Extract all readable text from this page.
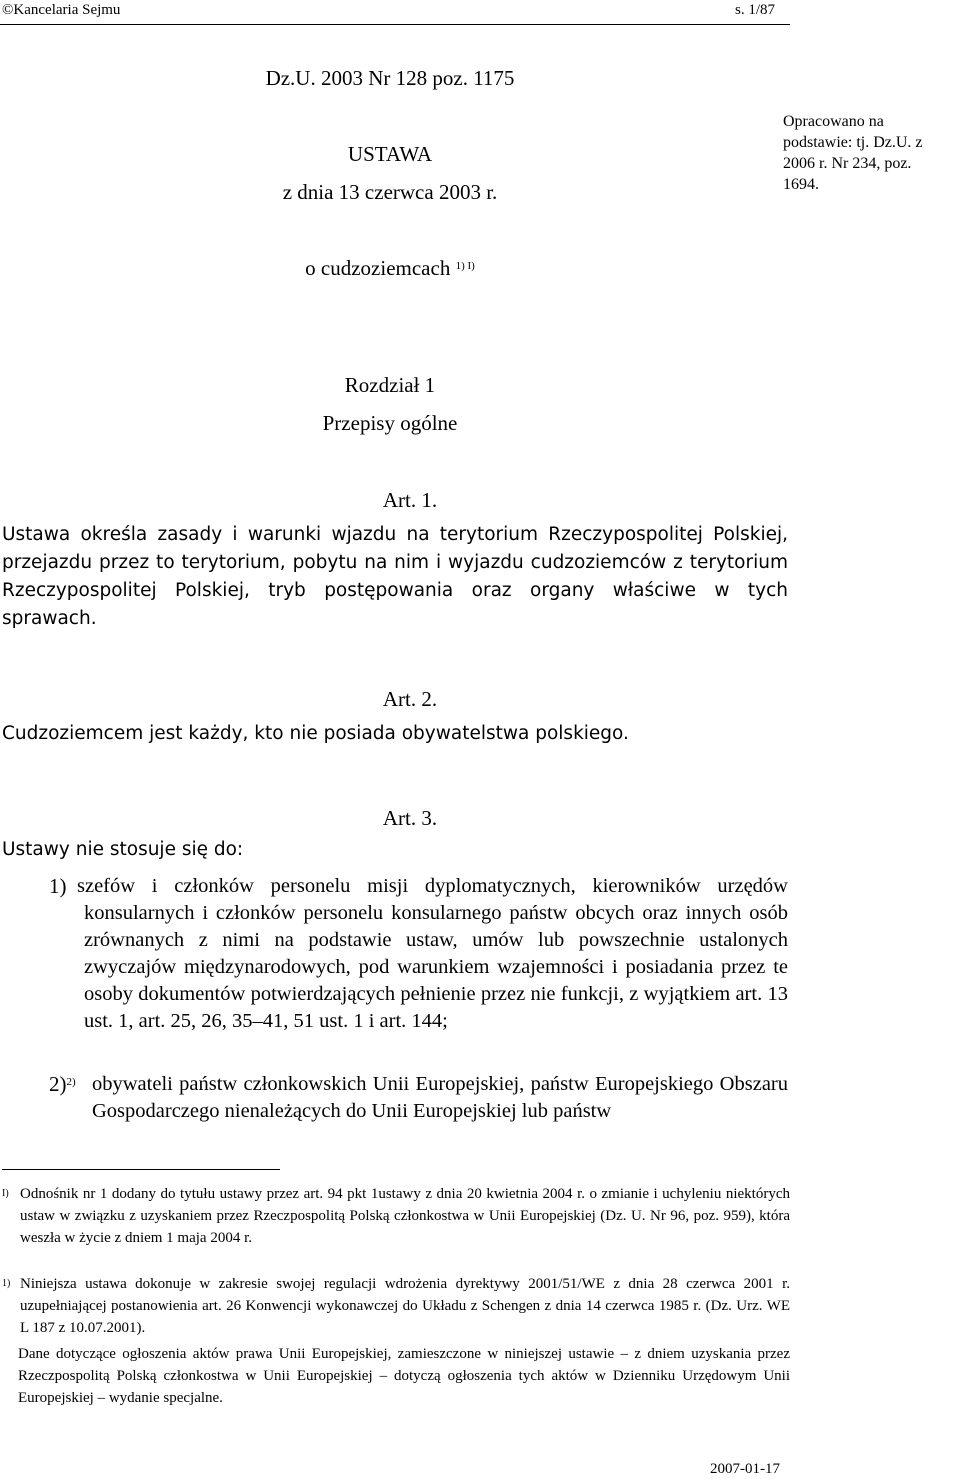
©Kancelaria Sejmu	s. 1/87
Dz.U. 2003 Nr 128 poz. 1175
USTAWA
z dnia 13 czerwca 2003 r.
Opracowano na
podstawie: tj. Dz.U. z
2006 r. Nr 234, poz.
1694.
o cudzoziemcach $^{1) I)}$
Rozdział 1
Przepisy ogólne
Art. 1.
Ustawa określa zasady i warunki wjazdu na terytorium Rzeczypospolitej Polskiej, przejazdu przez to terytorium, pobytu na nim i wyjazdu cudzoziemców z terytorium Rzeczypospolitej Polskiej, tryb postępowania oraz organy właściwe w tych sprawach.
Art. 2.
Cudzoziemcem jest każdy, kto nie posiada obywatelstwa polskiego.
Art. 3.
Ustawy nie stosuje się do:
1) szefów i członków personelu misji dyplomatycznych, kierowników urzędów konsularnych i członków personelu konsularnego państw obcych oraz innych osób zrównanych z nimi na podstawie ustaw, umów lub powszechnie ustalonych zwyczajów międzynarodowych, pod warunkiem wzajemności i posiadania przez te osoby dokumentów potwierdzających pełnienie przez nie funkcji, z wyjątkiem art. 13 ust. 1, art. 25, 26, 35–41, 51 ust. 1 i art. 144;
2)$^{2)}$ obywateli państw członkowskich Unii Europejskiej, państw Europejskiego Obszaru Gospodarczego nienależących do Unii Europejskiej lub państw
I) Odnośnik nr 1 dodany do tytułu ustawy przez art. 94 pkt 1ustawy z dnia 20 kwietnia 2004 r. o zmianie i uchyleniu niektórych ustaw w związku z uzyskaniem przez Rzeczpospolitą Polską członkostwa w Unii Europejskiej (Dz. U. Nr 96, poz. 959), która weszła w życie z dniem 1 maja 2004 r.
1) Niniejsza ustawa dokonuje w zakresie swojej regulacji wdrożenia dyrektywy 2001/51/WE z dnia 28 czerwca 2001 r. uzupełniającej postanowienia art. 26 Konwencji wykonawczej do Układu z Schengen z dnia 14 czerwca 1985 r. (Dz. Urz. WE L 187 z 10.07.2001).
Dane dotyczące ogłoszenia aktów prawa Unii Europejskiej, zamieszczone w niniejszej ustawie – z dniem uzyskania przez Rzeczpospolitą Polską członkostwa w Unii Europejskiej – dotyczą ogłoszenia tych aktów w Dzienniku Urzędowym Unii Europejskiej – wydanie specjalne.
2007-01-17
